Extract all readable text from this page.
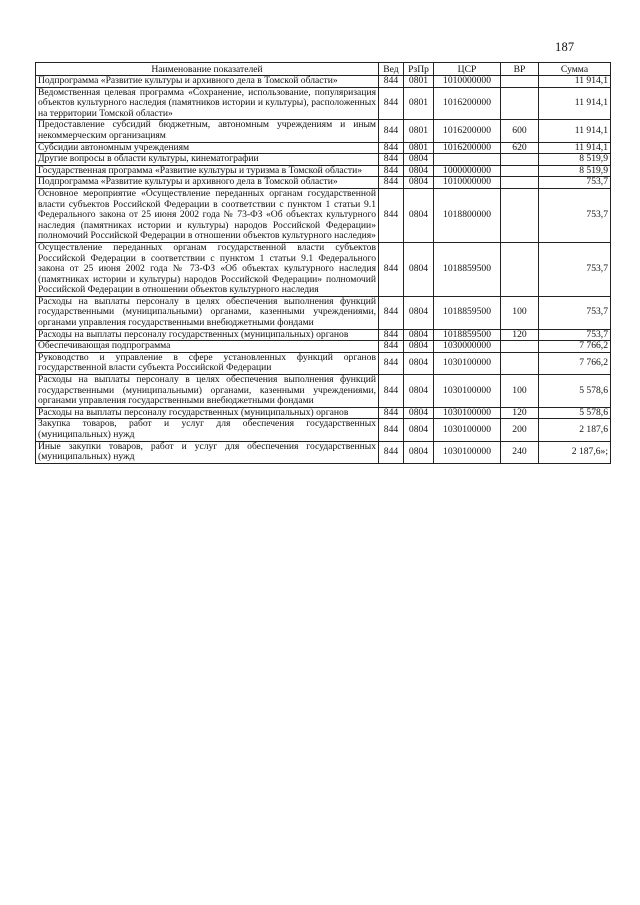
187
Наименование показателей	Вед	РзПр	ЦСР	ВР	Сумма
Подпрограмма «Развитие культуры и архивного дела в Томской области»	844	0801	1010000000		11 914,1
Ведомственная целевая программа «Сохранение, использование, популяризация объектов культурного наследия (памятников истории и культуры), расположенных на территории Томской области»	844	0801	1016200000		11 914,1
Предоставление субсидий бюджетным, автономным учреждениям и иным некоммерческим организациям	844	0801	1016200000	600	11 914,1
Субсидии автономным учреждениям	844	0801	1016200000	620	11 914,1
Другие вопросы в области культуры, кинематографии	844	0804			8 519,9
Государственная программа «Развитие культуры и туризма в Томской области»	844	0804	1000000000		8 519,9
Подпрограмма «Развитие культуры и архивного дела в Томской области»	844	0804	1010000000		753,7
Основное мероприятие «Осуществление переданных органам государственной власти субъектов Российской Федерации в соответствии с пунктом 1 статьи 9.1 Федерального закона от 25 июня 2002 года № 73-ФЗ «Об объектах культурного наследия (памятниках истории и культуры) народов Российской Федерации» полномочий Российской Федерации в отношении объектов культурного наследия»	844	0804	1018800000		753,7
Осуществление переданных органам государственной власти субъектов Российской Федерации в соответствии с пунктом 1 статьи 9.1 Федерального закона от 25 июня 2002 года № 73-ФЗ «Об объектах культурного наследия (памятниках истории и культуры) народов Российской Федерации» полномочий Российской Федерации в отношении объектов культурного наследия	844	0804	1018859500		753,7
Расходы на выплаты персоналу в целях обеспечения выполнения функций государственными (муниципальными) органами, казенными учреждениями, органами управления государственными внебюджетными фондами	844	0804	1018859500	100	753,7
Расходы на выплаты персоналу государственных (муниципальных) органов	844	0804	1018859500	120	753,7
Обеспечивающая подпрограмма	844	0804	1030000000		7 766,2
Руководство и управление в сфере установленных функций органов государственной власти субъекта Российской Федерации	844	0804	1030100000		7 766,2
Расходы на выплаты персоналу в целях обеспечения выполнения функций государственными (муниципальными) органами, казенными учреждениями, органами управления государственными внебюджетными фондами	844	0804	1030100000	100	5 578,6
Расходы на выплаты персоналу государственных (муниципальных) органов	844	0804	1030100000	120	5 578,6
Закупка товаров, работ и услуг для обеспечения государственных (муниципальных) нужд	844	0804	1030100000	200	2 187,6
Иные закупки товаров, работ и услуг для обеспечения государственных (муниципальных) нужд	844	0804	1030100000	240	2 187,6»;
